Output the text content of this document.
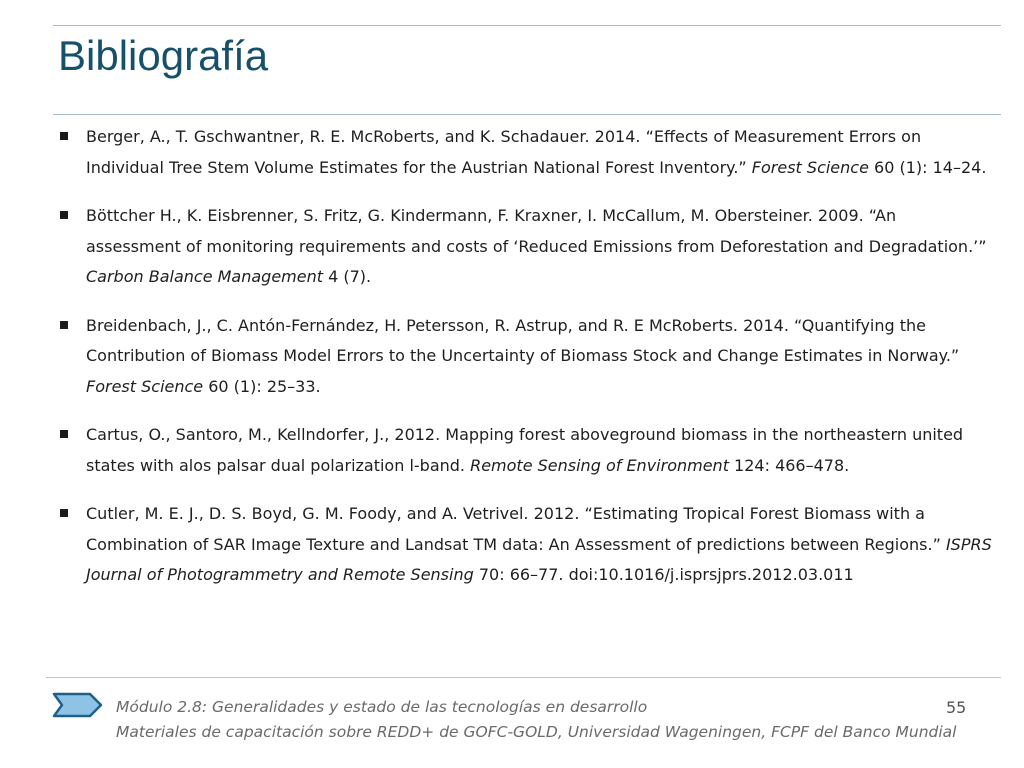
Bibliografía
Berger, A., T. Gschwantner, R. E. McRoberts, and K. Schadauer. 2014. “Effects of Measurement Errors on Individual Tree Stem Volume Estimates for the Austrian National Forest Inventory.” Forest Science 60 (1): 14–24.
Böttcher H., K. Eisbrenner, S. Fritz, G. Kindermann, F. Kraxner, I. McCallum, M. Obersteiner. 2009. “An assessment of monitoring requirements and costs of ‘Reduced Emissions from Deforestation and Degradation.’” Carbon Balance Management 4 (7).
Breidenbach, J., C. Antón-Fernández, H. Petersson, R. Astrup, and R. E McRoberts. 2014. “Quantifying the Contribution of Biomass Model Errors to the Uncertainty of Biomass Stock and Change Estimates in Norway.” Forest Science 60 (1): 25–33.
Cartus, O., Santoro, M., Kellndorfer, J., 2012. Mapping forest aboveground biomass in the northeastern united states with alos palsar dual polarization l-band. Remote Sensing of Environment 124: 466–478.
Cutler, M. E. J., D. S. Boyd, G. M. Foody, and A. Vetrivel. 2012. “Estimating Tropical Forest Biomass with a Combination of SAR Image Texture and Landsat TM data: An Assessment of predictions between Regions.” ISPRS Journal of Photogrammetry and Remote Sensing 70: 66–77. doi:10.1016/j.isprsjprs.2012.03.011
Módulo 2.8: Generalidades y estado de las tecnologías en desarrollo
Materiales de capacitación sobre REDD+ de GOFC-GOLD, Universidad Wageningen, FCPF del Banco Mundial
55
